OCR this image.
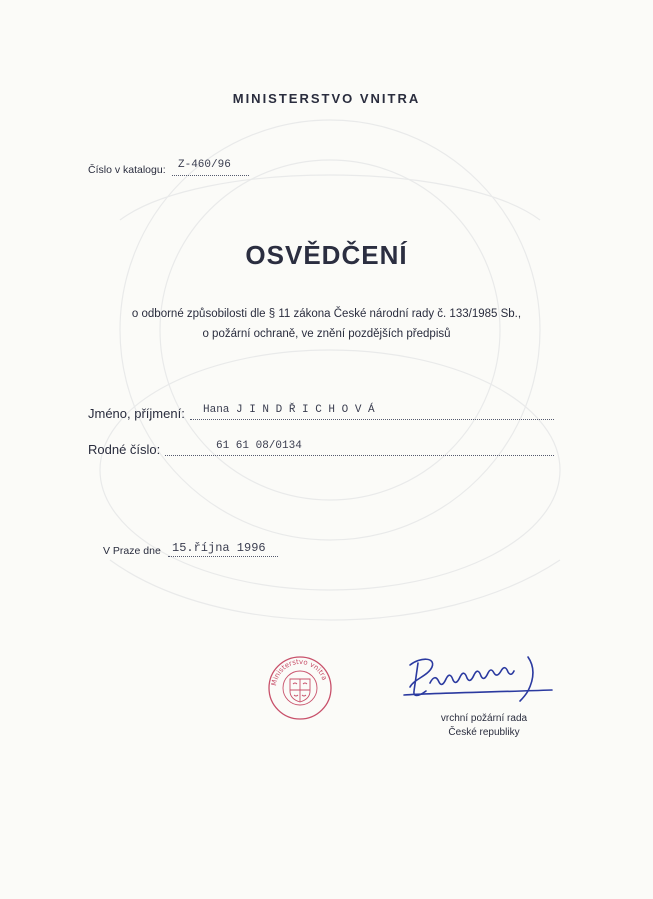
MINISTERSTVO VNITRA
Číslo v katalogu: Z-460/96
OSVĚDČENÍ
o odborné způsobilosti dle § 11 zákona České národní rady č. 133/1985 Sb.,
o požární ochraně, ve znění pozdějších předpisů
Jméno, příjmení: Hana J I N D Ř I C H O V Á
Rodné číslo:	61 61 08/0134
V Praze dne 15.října 1996
Ministerstvo vnitra
vrchní požární rada
České republiky
